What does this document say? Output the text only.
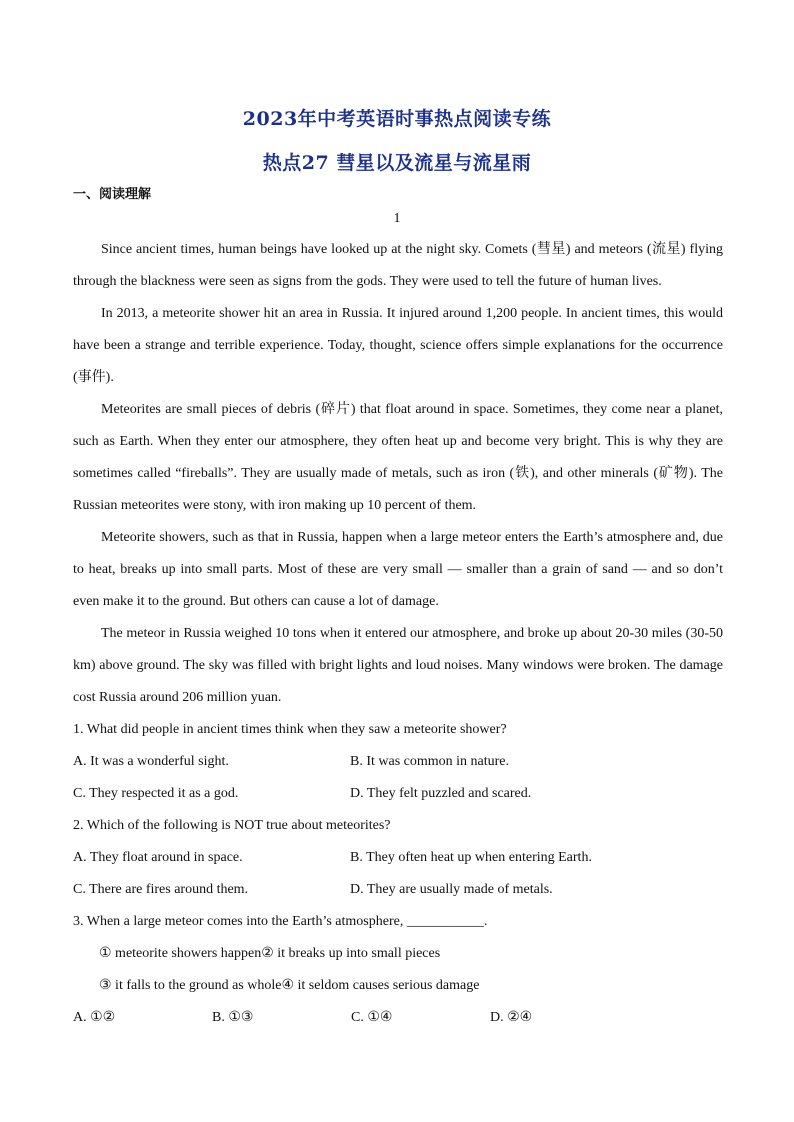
2023年中考英语时事热点阅读专练
热点27 彗星以及流星与流星雨
一、阅读理解
1

Since ancient times, human beings have looked up at the night sky. Comets (彗星) and meteors (流星) flying through the blackness were seen as signs from the gods. They were used to tell the future of human lives.

In 2013, a meteorite shower hit an area in Russia. It injured around 1,200 people. In ancient times, this would have been a strange and terrible experience. Today, thought, science offers simple explanations for the occurrence (事件).

Meteorites are small pieces of debris (碎片) that float around in space. Sometimes, they come near a planet, such as Earth. When they enter our atmosphere, they often heat up and become very bright. This is why they are sometimes called “fireballs”. They are usually made of metals, such as iron (铁), and other minerals (矿物). The Russian meteorites were stony, with iron making up 10 percent of them.

Meteorite showers, such as that in Russia, happen when a large meteor enters the Earth’s atmosphere and, due to heat, breaks up into small parts. Most of these are very small — smaller than a grain of sand — and so don’t even make it to the ground. But others can cause a lot of damage.

The meteor in Russia weighed 10 tons when it entered our atmosphere, and broke up about 20-30 miles (30-50 km) above ground. The sky was filled with bright lights and loud noises. Many windows were broken. The damage cost Russia around 206 million yuan.

1. What did people in ancient times think when they saw a meteorite shower?

A. It was a wonderful sight.	B. It was common in nature.
C. They respected it as a god.	D. They felt puzzled and scared.

2. Which of the following is NOT true about meteorites?

A. They float around in space.	B. They often heat up when entering Earth.
C. There are fires around them.	D. They are usually made of metals.

3. When a large meteor comes into the Earth’s atmosphere, ___________.

① meteorite showers happen② it breaks up into small pieces

③ it falls to the ground as whole④ it seldom causes serious damage

A. ①②	B. ①③	C. ①④	D. ②④
